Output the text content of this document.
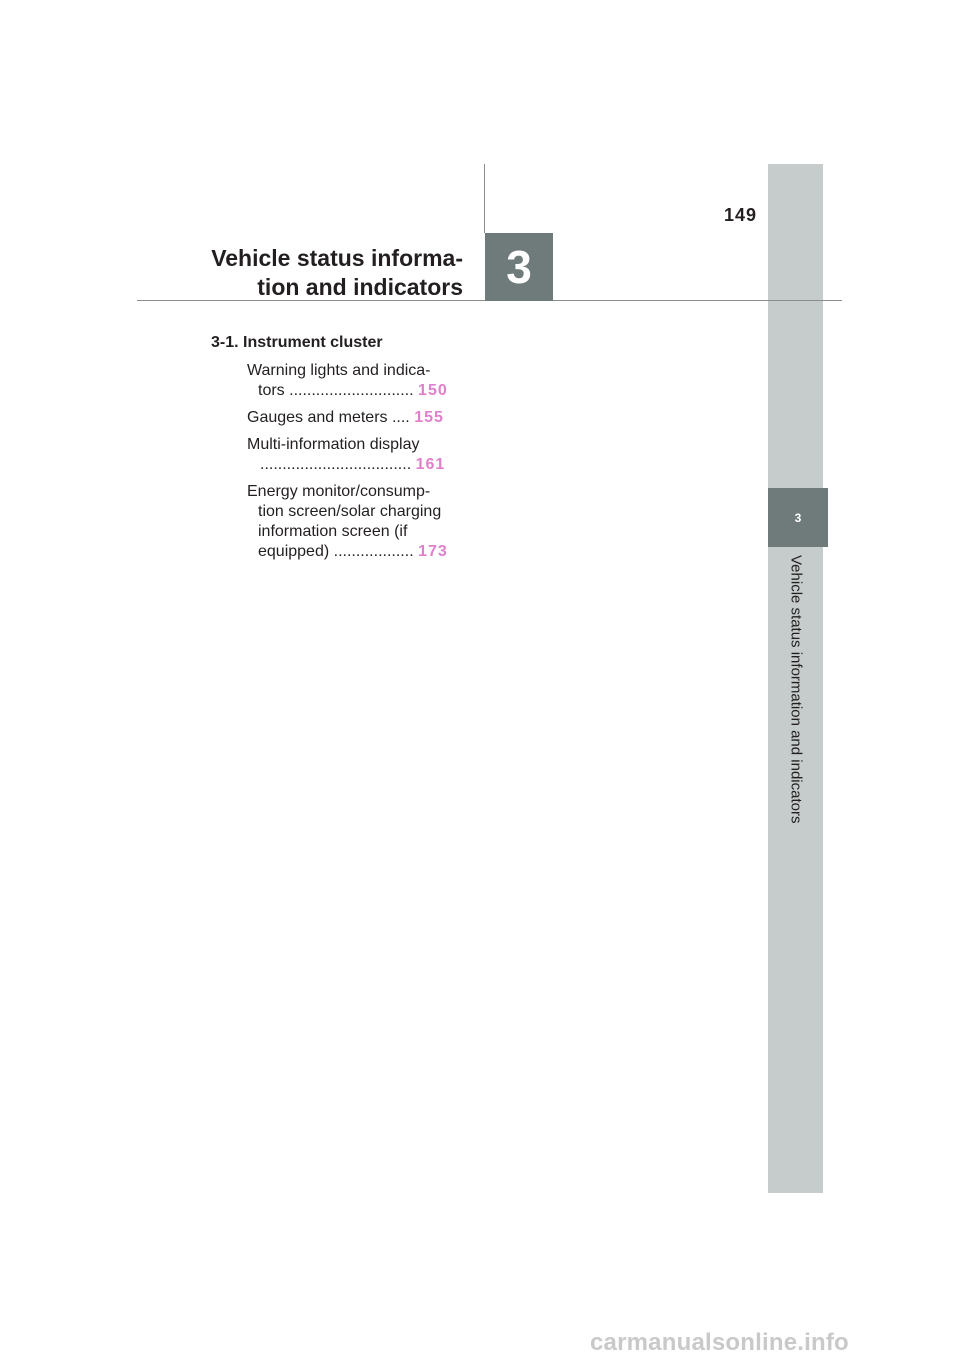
3
Vehicle status information and indicators
3
149
Vehicle status informa-
tion and indicators
3-1. Instrument cluster
Warning lights and indica-
tors ............................ 150
Gauges and meters .... 155
Multi-information display
.................................. 161
Energy monitor/consump-
tion screen/solar charging
information screen (if
equipped) .................. 173
carmanualsonline.info
